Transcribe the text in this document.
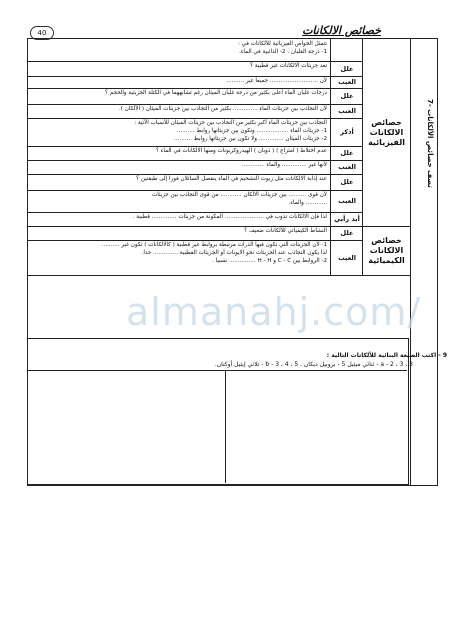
40	خصائص الالكانات
7- تصف خصائص الألكانات
خصائص الالكانات الفيزيائية
خصائص الالكانات الكيميائية
تتمثل الخواص الفيزيائية للألكانات في :
1- درجة الغليان . 2- الذائبية في الماء.
علل
تعد جزيئات الالكانات غير قطبية ؟
العبب
لأن ........................... جميعا غير ..........
علل
درجات غليان الماء أعلى بكثير من درجة غليان الميثان رغم تشابههما في الكتلة الجزيئية والحجم ؟
العبب
لأن التجاذب بين جزيئات الماء .............. بكثير من التجاذب بين جزيئات الميثان ( الألكان ).
أذكر
التجاذب بين جزيئات الماء أكبر بكثير من التجاذب بين جزيئات الميثان للأسباب الآتية :
1- جزيئات الماء .................. وتكون بين جزيئاتها روابط ..........
2- جزيئات الميثان .............. ولا تكون بين جزيئاتها روابط ..........
علل
عدم اختلاط ( امتزاج ) ( ذوبان ) الهيدروكربونات ومنها الالكانات في الماء ؟
العبب
لأنها غير .............. والماء .............
علل
عند إذابة الالكانات مثل زيوت التشحيم في الماء ينفصل السائلان فورا إلى طبقتين ؟
العبب
لأن قوى .......... بين جزيئات الالكان ............ من قوى التجاذب بين جزيئات
............ والماء.
أيد رأيي
لذا فإن الالكانات تذوب في ...................... المكونة من جزيئات .............. قطبية .
علل
النشاط الكيميائي للألكانات ضعيف ؟
العبب
1- لأن الجزيئات التي تكون فيها الذرات مرتبطة بروابط غير قطبية ( كالالكانات ) تكون غير ..........
لذا يكون التجاذب عند الجزيئات نحو الايونات أو الجزيئات القطبية .............. جدا.
2- الروابط بين C - C و H - H ............... نسبيا .
almanahj.com/
9 - اكتب الصيغة البنائية للألكانات التالية :
a - 2 ، 3 ، 3 - ثنائي ميثيل 5 - بروبيل ديكان . b - 3 ، 4 ، 5 - ثلاثي إيثيل أوكتان.
